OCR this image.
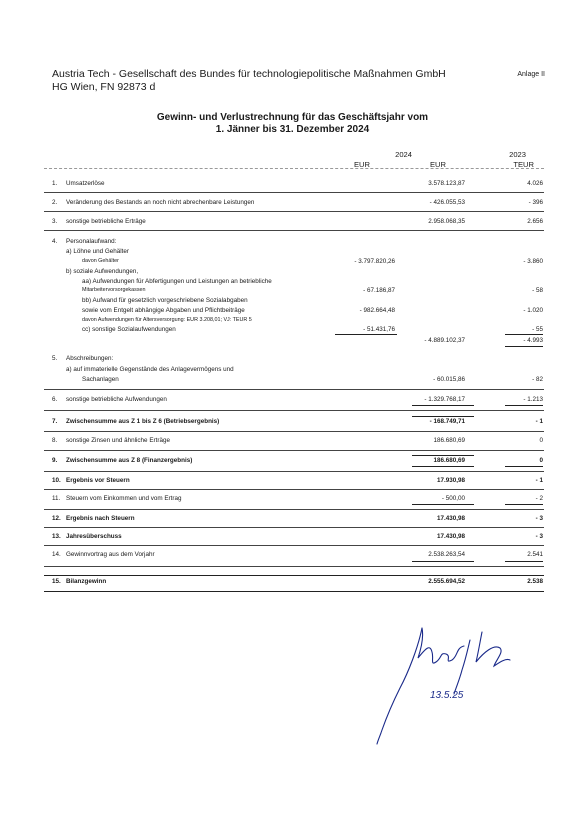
Austria Tech - Gesellschaft des Bundes für technologiepolitische Maßnahmen GmbH
HG Wien, FN 92873 d
Anlage II
Gewinn- und Verlustrechnung für das Geschäftsjahr vom
1. Jänner bis 31. Dezember 2024
2024	2023
EUR	EUR	TEUR
1. Umsatzerlöse	3.578.123,87	4.026
2. Veränderung des Bestands an noch nicht abrechenbare Leistungen	- 426.055,53	- 396
3. sonstige betriebliche Erträge	2.958.068,35	2.656
4. Personalaufwand:
a) Löhne und Gehälter
davon Gehälter	- 3.797.820,26	- 3.860
b) soziale Aufwendungen,
aa) Aufwendungen für Abfertigungen und Leistungen an betriebliche
Mitarbeitervorsorgekassen	- 67.186,87	- 58
bb) Aufwand für gesetzlich vorgeschriebene Sozialabgaben
sowie vom Entgelt abhängige Abgaben und Pflichtbeiträge	- 982.664,48	- 1.020
davon Aufwendungen für Altersversorgung: EUR 3.208,01; VJ: TEUR 5
cc) sonstige Sozialaufwendungen	- 51.431,76	- 55
- 4.889.102,37	- 4.993
5. Abschreibungen:
a) auf immaterielle Gegenstände des Anlagevermögens und
Sachanlagen	- 60.015,86	- 82
6. sonstige betriebliche Aufwendungen	- 1.329.768,17	- 1.213
7. Zwischensumme aus Z 1 bis Z 6 (Betriebsergebnis)	- 168.749,71	- 1
8. sonstige Zinsen und ähnliche Erträge	186.680,69	0
9. Zwischensumme aus Z 8 (Finanzergebnis)	186.680,69	0
10. Ergebnis vor Steuern	17.930,98	- 1
11. Steuern vom Einkommen und vom Ertrag	- 500,00	- 2
12. Ergebnis nach Steuern	17.430,98	- 3
13. Jahresüberschuss	17.430,98	- 3
14. Gewinnvortrag aus dem Vorjahr	2.538.263,54	2.541
15. Bilanzgewinn	2.555.694,52	2.538
13.5.25
